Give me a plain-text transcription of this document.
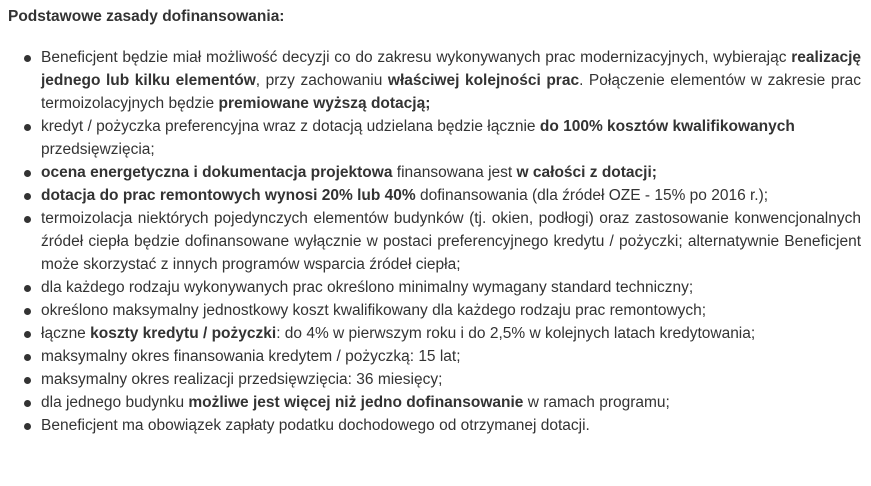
Podstawowe zasady dofinansowania:
Beneficjent będzie miał możliwość decyzji co do zakresu wykonywanych prac modernizacyjnych, wybierając realizację jednego lub kilku elementów, przy zachowaniu właściwej kolejności prac. Połączenie elementów w zakresie prac termoizolacyjnych będzie premiowane wyższą dotacją;
kredyt / pożyczka preferencyjna wraz z dotacją udzielana będzie łącznie do 100% kosztów kwalifikowanych przedsięwzięcia;
ocena energetyczna i dokumentacja projektowa finansowana jest w całości z dotacji;
dotacja do prac remontowych wynosi 20% lub 40% dofinansowania (dla źródeł OZE - 15% po 2016 r.);
termoizolacja niektórych pojedynczych elementów budynków (tj. okien, podłogi) oraz zastosowanie konwencjonalnych źródeł ciepła będzie dofinansowane wyłącznie w postaci preferencyjnego kredytu / pożyczki; alternatywnie Beneficjent może skorzystać z innych programów wsparcia źródeł ciepła;
dla każdego rodzaju wykonywanych prac określono minimalny wymagany standard techniczny;
określono maksymalny jednostkowy koszt kwalifikowany dla każdego rodzaju prac remontowych;
łączne koszty kredytu / pożyczki: do 4% w pierwszym roku i do 2,5% w kolejnych latach kredytowania;
maksymalny okres finansowania kredytem / pożyczką: 15 lat;
maksymalny okres realizacji przedsięwzięcia: 36 miesięcy;
dla jednego budynku możliwe jest więcej niż jedno dofinansowanie w ramach programu;
Beneficjent ma obowiązek zapłaty podatku dochodowego od otrzymanej dotacji.
